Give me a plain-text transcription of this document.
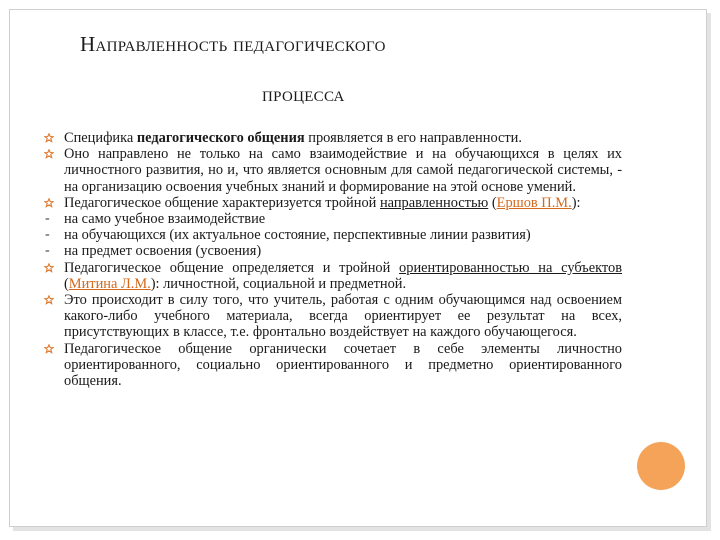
Направленность педагогического
процесса
Специфика педагогического общения проявляется в его направленности.
Оно направлено не только на само взаимодействие и на обучающихся в целях их личностного развития, но и, что является основным для самой педагогической системы, - на организацию освоения учебных знаний и формирование на этой основе умений.
Педагогическое общение характеризуется тройной направленностью (Ершов П.М.):
- на само учебное взаимодействие
- на обучающихся (их актуальное состояние, перспективные линии развития)
- на предмет освоения (усвоения)
Педагогическое общение определяется и тройной ориентированностью на субъектов (Митина Л.М.): личностной, социальной и предметной.
Это происходит в силу того, что учитель, работая с одним обучающимся над освоением какого-либо учебного материала, всегда ориентирует ее результат на всех, присутствующих в классе, т.е. фронтально воздействует на каждого обучающегося.
Педагогическое общение органически сочетает в себе элементы личностно ориентированного, социально ориентированного и предметно ориентированного общения.
